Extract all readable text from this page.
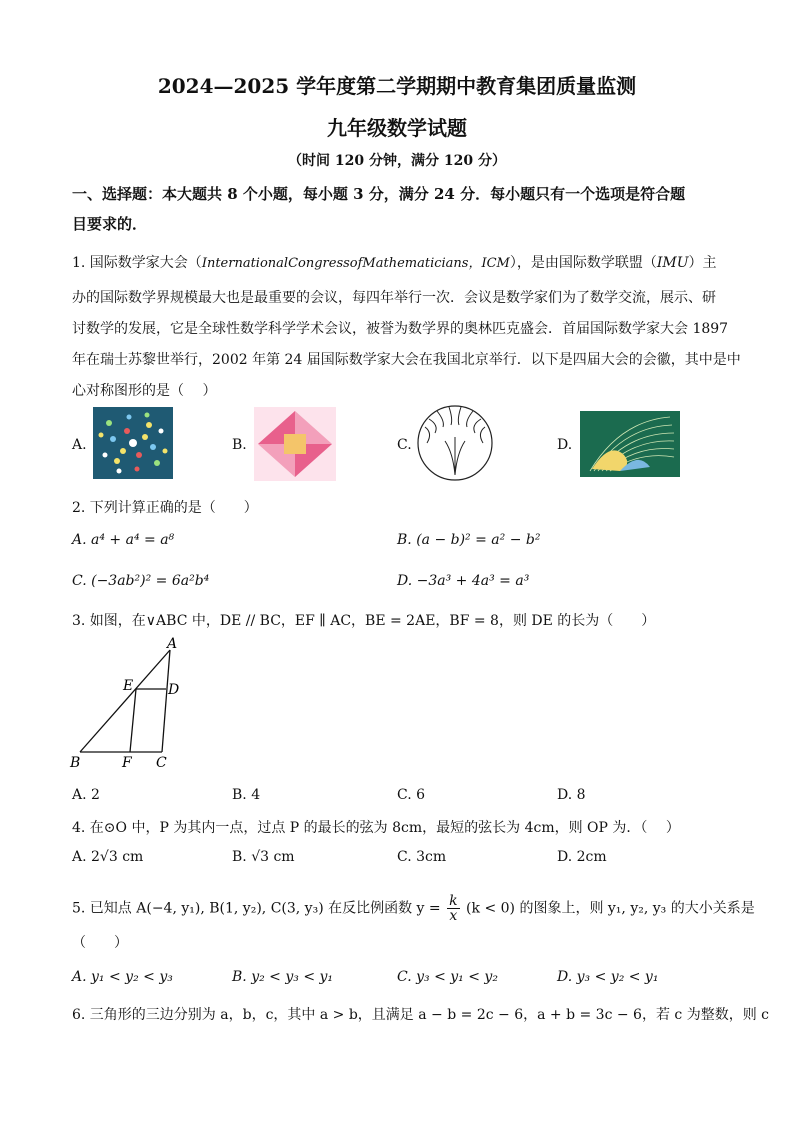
2024—2025 学年度第二学期期中教育集团质量监测
九年级数学试题
（时间 120 分钟，满分 120 分）
一、选择题：本大题共 8 个小题，每小题 3 分，满分 24 分．每小题只有一个选项是符合题
目要求的．
1. 国际数学家大会（InternationalCongressofMathematicians，ICM），是由国际数学联盟（IMU）主
办的国际数学界规模最大也是最重要的会议，每四年举行一次．会议是数学家们为了数学交流，展示、研
讨数学的发展，它是全球性数学科学学术会议，被誉为数学界的奥林匹克盛会．首届国际数学家大会 1897
年在瑞士苏黎世举行，2002 年第 24 届国际数学家大会在我国北京举行．以下是四届大会的会徽，其中是中
心对称图形的是（　 ）
A.	B.	C.	D.
2. 下列计算正确的是（　　）
A. a⁴ + a⁴ = a⁸	B. (a − b)² = a² − b²
C. (−3ab²)² = 6a²b⁴	D. −3a³ + 4a³ = a³
3. 如图，在∨ABC 中，DE // BC，EF ∥ AC，BE = 2AE，BF = 8，则 DE 的长为（　　）
A
B	C
D
E
F
A. 2	B. 4	C. 6	D. 8
4. 在⊙O 中，P 为其内一点，过点 P 的最长的弦为 8cm，最短的弦长为 4cm，则 OP 为．（　 ）
A. 2√3 cm	B. √3 cm	C. 3cm	D. 2cm
5. 已知点 A(−4, y₁), B(1, y₂), C(3, y₃) 在反比例函数 $y = \frac{k}{x} (k < 0)$ 的图象上，则 y₁, y₂, y₃ 的大小关系是
（　　）
A. y₁ < y₂ < y₃	B. y₂ < y₃ < y₁	C. y₃ < y₁ < y₂	D. y₃ < y₂ < y₁
6. 三角形的三边分别为 a，b，c，其中 a > b，且满足 a − b = 2c − 6，a + b = 3c − 6，若 c 为整数，则 c
